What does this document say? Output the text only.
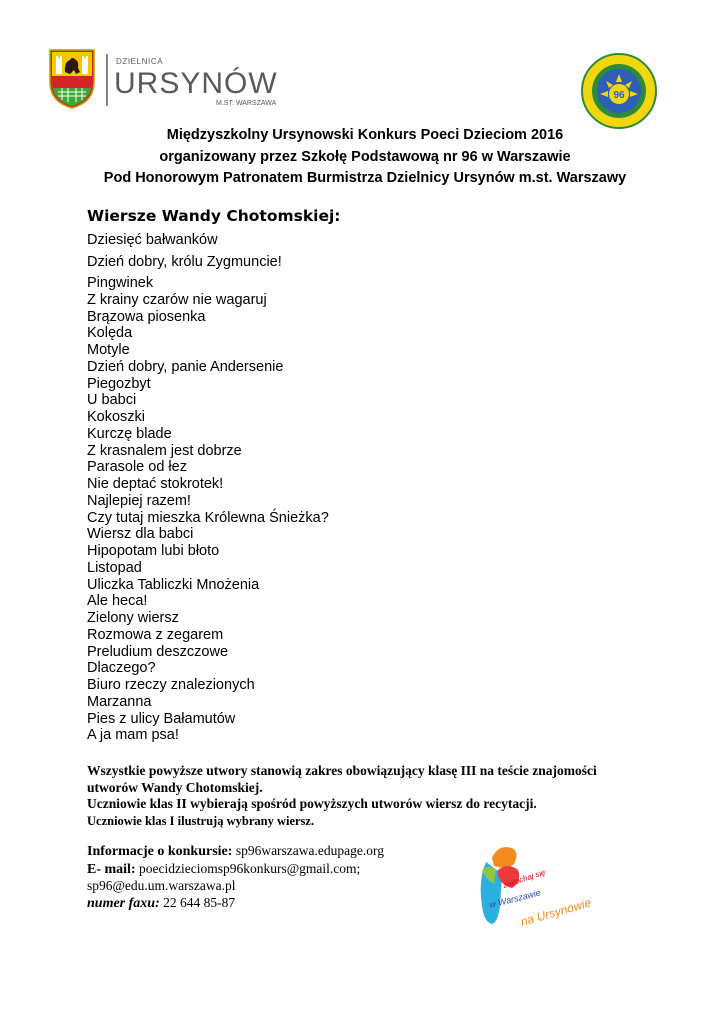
DZIELNICA
URSYNÓW
M.ST. WARSZAWA
96
Międzyszkolny Ursynowski Konkurs Poeci Dzieciom 2016
organizowany przez Szkołę Podstawową nr 96 w Warszawie
Pod Honorowym Patronatem Burmistrza Dzielnicy Ursynów m.st. Warszawy
Wiersze Wandy Chotomskiej:
Dziesięć bałwanków
Dzień dobry, królu Zygmuncie!
Pingwinek
Z krainy czarów nie wagaruj
Brązowa piosenka
Kolęda
Motyle
Dzień dobry, panie Andersenie
Piegozbyt
U babci
Kokoszki
Kurczę blade
Z krasnalem jest dobrze
Parasole od łez
Nie deptać stokrotek!
Najlepiej razem!
Czy tutaj mieszka Królewna Śnieżka?
Wiersz dla babci
Hipopotam lubi błoto
Listopad
Uliczka Tabliczki Mnożenia
Ale heca!
Zielony wiersz
Rozmowa z zegarem
Preludium deszczowe
Dlaczego?
Biuro rzeczy znalezionych
Marzanna
Pies z ulicy Bałamutów
A ja mam psa!

Wszystkie powyższe utwory stanowią zakres obowiązujący klasę III na teście znajomości

utworów Wandy Chotomskiej.

Uczniowie klas II wybierają spośród powyższych utworów wiersz do recytacji.

Uczniowie klas I ilustrują wybrany wiersz.

Informacje o konkursie: sp96warszawa.edupage.org

E- mail: poecidzieciomsp96konkurs@gmail.com;

sp96@edu.um.warszawa.pl

numer faxu: 22 644 85-87

zakochaj się
w Warszawie
na Ursynowie
